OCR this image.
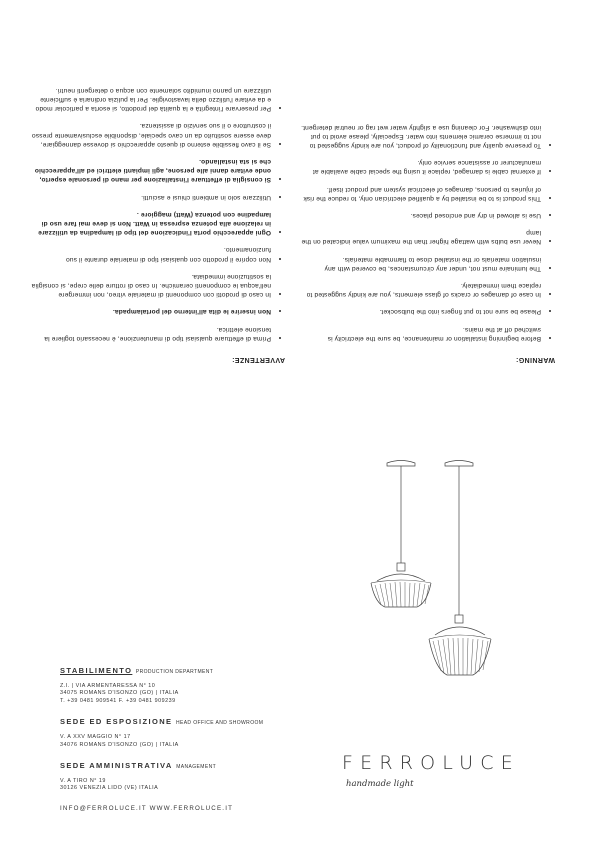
WARNING:
• Before beginning installation or maintenance, be sure the electricity is switched off at the mains.
• Please be sure not to put fingers into the bulbsocket.
• In case of damages or cracks of glass elements, you are kindly suggested to replace them immediately.
• The luminaire must not, under any circumstances, be covered with any insulation materials or the installed close to flammable materials.
• Never use bulbs with wattage higher than the maximum value indicated on the lamp
• Use is allowed in dry and enclosed places.
• This product is to be installed by a qualified electrician only, to reduce the risk of injuries to persons, damages of electrical system and product itself.
• If external cable is damaged, replace it using the special cable available at manufacturer or assistance service only.
• To preserve quality and functionality of product, you are kindly suggested to not to immerse ceramic elements into water. Especially, please avoid to put into dishwasher. For cleaning use a slightly water wet rag or neutral detergent.
AVVERTENZE:
• Prima di effettuare qualsiasi tipo di manutenzione, è necessario togliere la tensione elettrica.
• Non inserire le dita all'interno del portalampada.
• In caso di prodotti con componenti di materiale vitreo, non immergere nell'acqua le componenti ceramiche. In caso di rotture delle crepe, si consiglia la sostituzione immediata.
• Non coprire il prodotto con qualsiasi tipo di materiale durante il suo funzionamento.
• Ogni apparecchio porta l'indicazione del tipo di lampadina da utilizzare in relazione alla potenza espressa in Watt. Non si deve mai fare uso di lampadine con potenza (Watt) maggiore .
• Utilizzare solo in ambienti chiusi e asciutti.
• Si consiglia di effettuare l'installazione per mano di personale esperto, onde evitare danni alle persone, agli impianti elettrici ed all'apparecchio che si sta installando.
• Se il cavo flessibile esterno di questo apparecchio si dovesse danneggiare, deve essere sostituito da un cavo speciale, disponibile esclusivamente presso il costruttore o il suo servizio di assistenza.
• Per preservare l'integrità e la qualità del prodotto, si esorta a particolar modo e da evitare l'utilizzo della lavastoviglie. Per la pulizia ordinaria è sufficiente utilizzare un panno inumidito solamente con acqua o detergenti neutri.
STABILIMENTO PRODUCTION DEPARTMENT
Z.I. | VIA ARMENTARESSA N° 10
34075 ROMANS D'ISONZO (GO) | ITALIA
T. +39 0481 909541 F. +39 0481 909239
SEDE ED ESPOSIZIONE HEAD OFFICE AND SHOWROOM
V. A XXV MAGGIO N° 17
34076 ROMANS D'ISONZO (GO) | ITALIA
SEDE AMMINISTRATIVA MANAGEMENT
V. A TIRO N° 19
30126 VENEZIA LIDO (VE) ITALIA
INFO@FERROLUCE.IT WWW.FERROLUCE.IT
FERROLUCE
handmade light
